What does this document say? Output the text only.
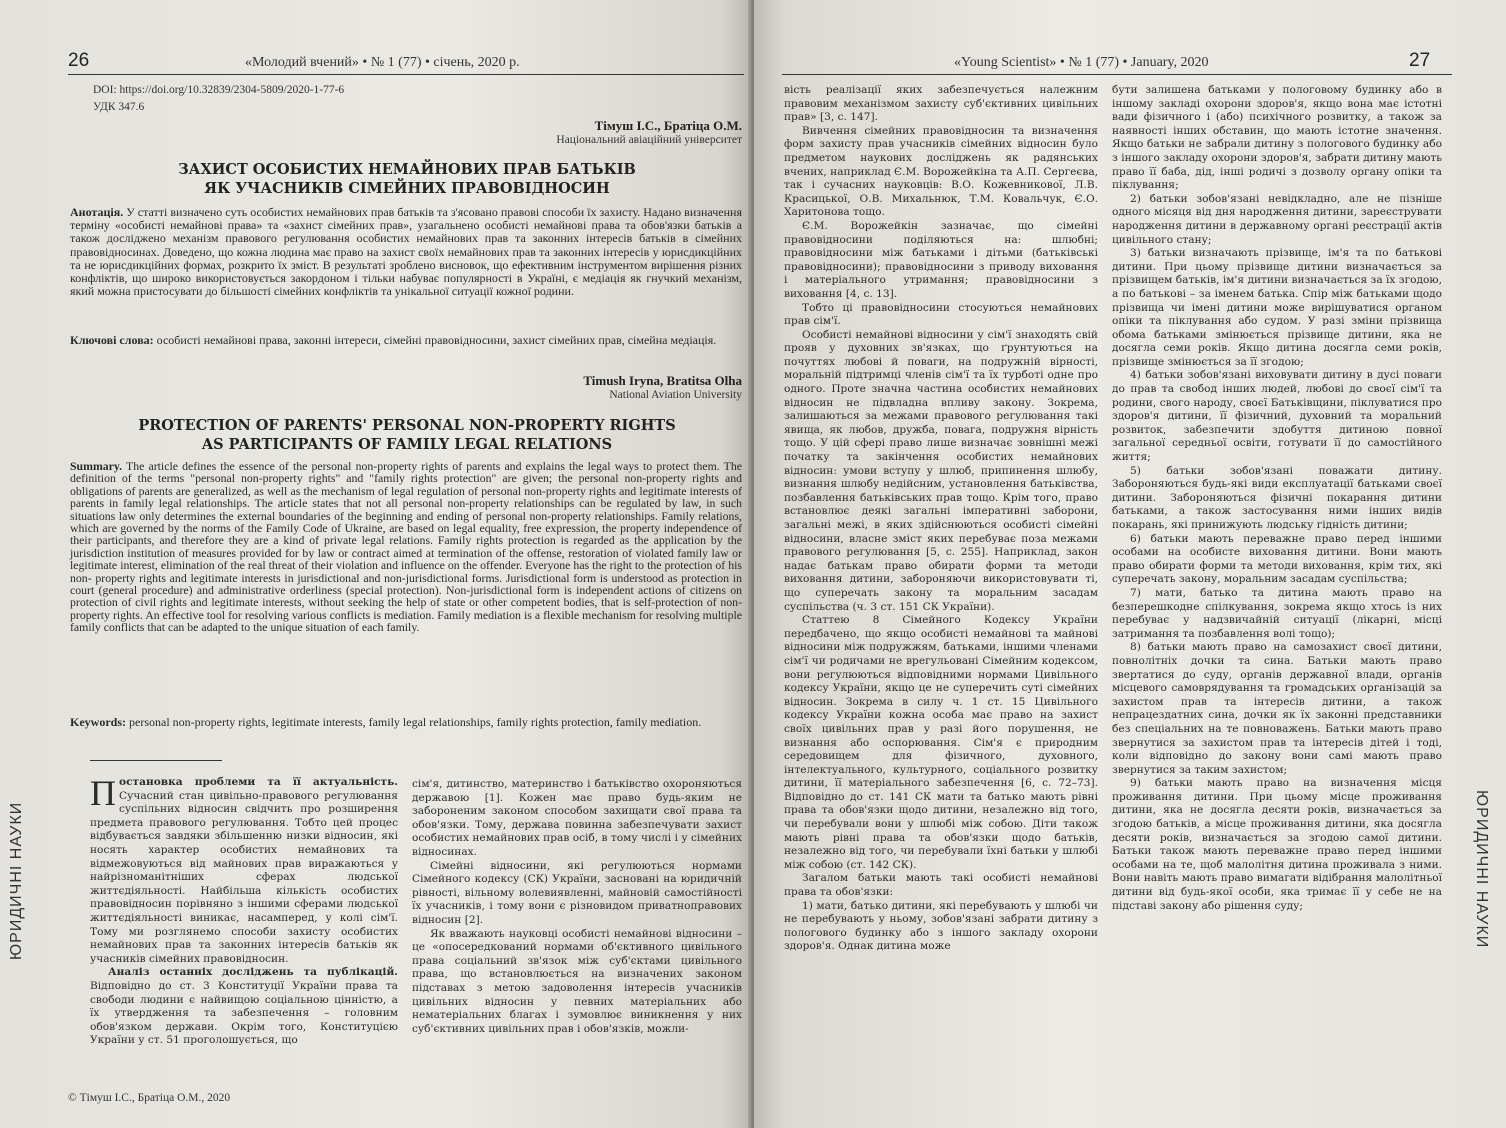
26	«Молодий вчений» • № 1 (77) • січень, 2020 р.
DOI: https://doi.org/10.32839/2304-5809/2020-1-77-6
УДК 347.6
Тімуш І.С., Братіца О.М.
Національний авіаційний університет
ЗАХИСТ ОСОБИСТИХ НЕМАЙНОВИХ ПРАВ БАТЬКІВ
ЯК УЧАСНИКІВ СІМЕЙНИХ ПРАВОВІДНОСИН
Анотація. У статті визначено суть особистих немайнових прав батьків та з'ясовано правові способи їх захисту. Надано визначення терміну «особисті немайнові права» та «захист сімейних прав», узагальнено особисті немайнові права та обов'язки батьків а також досліджено механізм правового регулювання особистих немайнових прав та законних інтересів батьків в сімейних правовідносинах. Доведено, що кожна людина має право на захист своїх немайнових прав та законних інтересів у юрисдикційних та не юрисдикційних формах, розкрито їх зміст. В результаті зроблено висновок, що ефективним інструментом вирішення різних конфліктів, що широко використовується закордоном і тільки набуває популярності в Україні, є медіація як гнучкий механізм, який можна пристосувати до більшості сімейних конфліктів та унікальної ситуації кожної родини.
Ключові слова: особисті немайнові права, законні інтереси, сімейні правовідносини, захист сімейних прав, сімейна медіація.
Timush Iryna, Bratitsa Olha
National Aviation University
PROTECTION OF PARENTS' PERSONAL NON-PROPERTY RIGHTS
AS PARTICIPANTS OF FAMILY LEGAL RELATIONS
Summary. The article defines the essence of the personal non-property rights of parents and explains the legal ways to protect them. The definition of the terms "personal non-property rights" and "family rights protection" are given; the personal non-property rights and obligations of parents are generalized, as well as the mechanism of legal regulation of personal non-property rights and legitimate interests of parents in family legal relationships. The article states that not all personal non-property relationships can be regulated by law, in such situations law only determines the external boundaries of the beginning and ending of personal non-property relationships. Family relations, which are governed by the norms of the Family Code of Ukraine, are based on legal equality, free expression, the property independence of their participants, and therefore they are a kind of private legal relations. Family rights protection is regarded as the application by the jurisdiction institution of measures provided for by law or contract aimed at termination of the offense, restoration of violated family law or legitimate interest, elimination of the real threat of their violation and influence on the offender. Everyone has the right to the protection of his non- property rights and legitimate interests in jurisdictional and non-jurisdictional forms. Jurisdictional form is understood as protection in court (general procedure) and administrative orderliness (special protection). Non-jurisdictional form is independent actions of citizens on protection of civil rights and legitimate interests, without seeking the help of state or other competent bodies, that is self-protection of non-property rights. An effective tool for resolving various conflicts is mediation. Family mediation is a flexible mechanism for resolving multiple family conflicts that can be adapted to the unique situation of each family.
Keywords: personal non-property rights, legitimate interests, family legal relationships, family rights protection, family mediation.

Постановка проблеми та її актуальність. Сучасний стан цивільно-правового регулювання суспільних відносин свідчить про розширення предмета правового регулювання. Тобто цей процес відбувається завдяки збільшенню низки відносин, які носять характер особистих немайнових та відмежовуються від майнових прав виражаються у найрізноманітніших сферах людської життєдіяльності. Найбільша кількість особистих правовідносин порівняно з іншими сферами людської життєдіяльності виникає, насамперед, у колі сім'ї. Тому ми розглянемо способи захисту особистих немайнових прав та законних інтересів батьків як учасників сімейних правовідносин.

Аналіз останніх досліджень та публікацій. Відповідно до ст. 3 Конституції України права та свободи людини є найвищою соціальною цінністю, а їх утвердження та забезпечення – головним обов'язком держави. Окрім того, Конституцією України у ст. 51 проголошується, що

сім'я, дитинство, материнство і батьківство охороняються державою [1]. Кожен має право будь-яким не забороненим законом способом захищати свої права та обов'язки. Тому, держава повинна забезпечувати захист особистих немайнових прав осіб, в тому числі і у сімейних відносинах.

Сімейні відносини, які регулюються нормами Сімейного кодексу (СК) України, засновані на юридичній рівності, вільному волевиявленні, майновій самостійності їх учасників, і тому вони є різновидом приватноправових відносин [2].

Як вважають науковці особисті немайнові відносини – це «опосередкований нормами об'єктивного цивільного права соціальний зв'язок між суб'єктами цивільного права, що встановлюється на визначених законом підставах з метою задоволення інтересів учасників цивільних відносин у певних матеріальних або нематеріальних благах і зумовлює виникнення у них суб'єктивних цивільних прав і обов'язків, можли-

ЮРИДИЧНІ НАУКИ
© Тімуш І.С., Братіца О.М., 2020
«Young Scientist» • № 1 (77) • January, 2020	27

вість реалізації яких забезпечується належним правовим механізмом захисту суб'єктивних цивільних прав» [3, с. 147].

Вивчення сімейних правовідносин та визначення форм захисту прав учасників сімейних відносин було предметом наукових досліджень як радянських вчених, наприклад Є.М. Ворожейкіна та А.П. Сергеєва, так і сучасних науковців: В.О. Кожевникової, Л.В. Красицької, О.В. Михальнюк, Т.М. Ковальчук, Є.О. Харитонова тощо.

Є.М. Ворожейкін зазначає, що сімейні правовідносини поділяються на: шлюбні; правовідносини між батьками і дітьми (батьківські правовідносини); правовідносини з приводу виховання і матеріального утримання; правовідносини з виховання [4, с. 13].

Тобто ці правовідносини стосуються немайнових прав сім'ї.

Особисті немайнові відносини у сім'ї знаходять свій прояв у духовних зв'язках, що ґрунтуються на почуттях любові й поваги, на подружній вірності, моральній підтримці членів сім'ї та їх турботі одне про одного. Проте значна частина особистих немайнових відносин не підвладна впливу закону. Зокрема, залишаються за межами правового регулювання такі явища, як любов, дружба, повага, подружня вірність тощо. У цій сфері право лише визначає зовнішні межі початку та закінчення особистих немайнових відносин: умови вступу у шлюб, припинення шлюбу, визнання шлюбу недійсним, установлення батьківства, позбавлення батьківських прав тощо. Крім того, право встановлює деякі загальні імперативні заборони, загальні межі, в яких здійснюються особисті сімейні відносини, власне зміст яких перебуває поза межами правового регулювання [5, с. 255]. Наприклад, закон надає батькам право обирати форми та методи виховання дитини, забороняючи використовувати ті, що суперечать закону та моральним засадам суспільства (ч. 3 ст. 151 СК України).

Статтею 8 Сімейного Кодексу України передбачено, що якщо особисті немайнові та майнові відносини між подружжям, батьками, іншими членами сім'ї чи родичами не врегульовані Сімейним кодексом, вони регулюються відповідними нормами Цивільного кодексу України, якщо це не суперечить суті сімейних відносин. Зокрема в силу ч. 1 ст. 15 Цивільного кодексу України кожна особа має право на захист своїх цивільних прав у разі його порушення, не визнання або оспорювання. Сім'я є природним середовищем для фізичного, духовного, інтелектуального, культурного, соціального розвитку дитини, її матеріального забезпечення [6, с. 72–73]. Відповідно до ст. 141 СК мати та батько мають рівні права та обов'язки щодо дитини, незалежно від того, чи перебували вони у шлюбі між собою. Діти також мають рівні права та обов'язки щодо батьків, незалежно від того, чи перебували їхні батьки у шлюбі між собою (ст. 142 СК).

Загалом батьки мають такі особисті немайнові права та обов'язки:

1) мати, батько дитини, які перебувають у шлюбі чи не перебувають у ньому, зобов'язані забрати дитину з пологового будинку або з іншого закладу охорони здоров'я. Однак дитина може

бути залишена батьками у пологовому будинку або в іншому закладі охорони здоров'я, якщо вона має істотні вади фізичного і (або) психічного розвитку, а також за наявності інших обставин, що мають істотне значення. Якщо батьки не забрали дитину з пологового будинку або з іншого закладу охорони здоров'я, забрати дитину мають право її баба, дід, інші родичі з дозволу органу опіки та піклування;

2) батьки зобов'язані невідкладно, але не пізніше одного місяця від дня народження дитини, зареєструвати народження дитини в державному органі реєстрації актів цивільного стану;

3) батьки визначають прізвище, ім'я та по батькові дитини. При цьому прізвище дитини визначається за прізвищем батьків, ім'я дитини визначається за їх згодою, а по батькові – за іменем батька. Спір між батьками щодо прізвища чи імені дитини може вирішуватися органом опіки та піклування або судом. У разі зміни прізвища обома батьками змінюється прізвище дитини, яка не досягла семи років. Якщо дитина досягла семи років, прізвище змінюється за її згодою;

4) батьки зобов'язані виховувати дитину в дусі поваги до прав та свобод інших людей, любові до своєї сім'ї та родини, свого народу, своєї Батьківщини, піклуватися про здоров'я дитини, її фізичний, духовний та моральний розвиток, забезпечити здобуття дитиною повної загальної середньої освіти, готувати її до самостійного життя;

5) батьки зобов'язані поважати дитину. Забороняються будь-які види експлуатації батьками своєї дитини. Забороняються фізичні покарання дитини батьками, а також застосування ними інших видів покарань, які принижують людську гідність дитини;

6) батьки мають переважне право перед іншими особами на особисте виховання дитини. Вони мають право обирати форми та методи виховання, крім тих, які суперечать закону, моральним засадам суспільства;

7) мати, батько та дитина мають право на безперешкодне спілкування, зокрема якщо хтось із них перебуває у надзвичайній ситуації (лікарні, місці затримання та позбавлення волі тощо);

8) батьки мають право на самозахист своєї дитини, повнолітніх дочки та сина. Батьки мають право звертатися до суду, органів державної влади, органів місцевого самоврядування та громадських організацій за захистом прав та інтересів дитини, а також непрацездатних сина, дочки як їх законні представники без спеціальних на те повноважень. Батьки мають право звернутися за захистом прав та інтересів дітей і тоді, коли відповідно до закону вони самі мають право звернутися за таким захистом;

9) батьки мають право на визначення місця проживання дитини. При цьому місце проживання дитини, яка не досягла десяти років, визначається за згодою батьків, а місце проживання дитини, яка досягла десяти років, визначається за згодою самої дитини. Батьки також мають переважне право перед іншими особами на те, щоб малолітня дитина проживала з ними. Вони навіть мають право вимагати відібрання малолітньої дитини від будь-якої особи, яка тримає її у себе не на підставі закону або рішення суду;	ЮРИДИЧНІ НАУКИ
